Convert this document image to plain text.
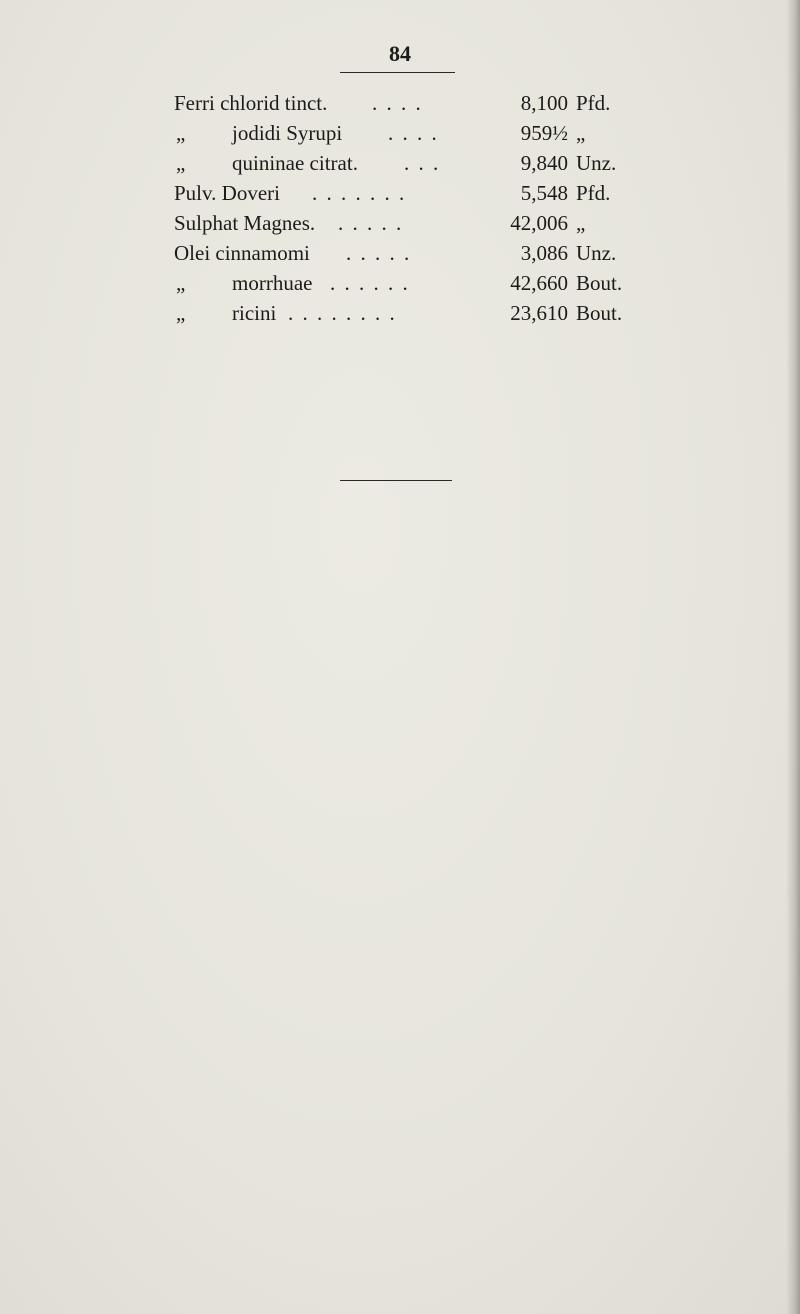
84
Ferri chlorid tinct. . . . .	8,100 Pfd.
„ jodidi Syrupi . . . .	959½ „
„ quininae citrat. . . .	9,840 Unz.
Pulv. Doveri . . . . . . .	5,548 Pfd.
Sulphat Magnes. . . . . .	42,006 „
Olei cinnamomi . . . . .	3,086 Unz.
„ morrhuae . . . . . .	42,660 Bout.
„ ricini . . . . . . . .	23,610 Bout.
